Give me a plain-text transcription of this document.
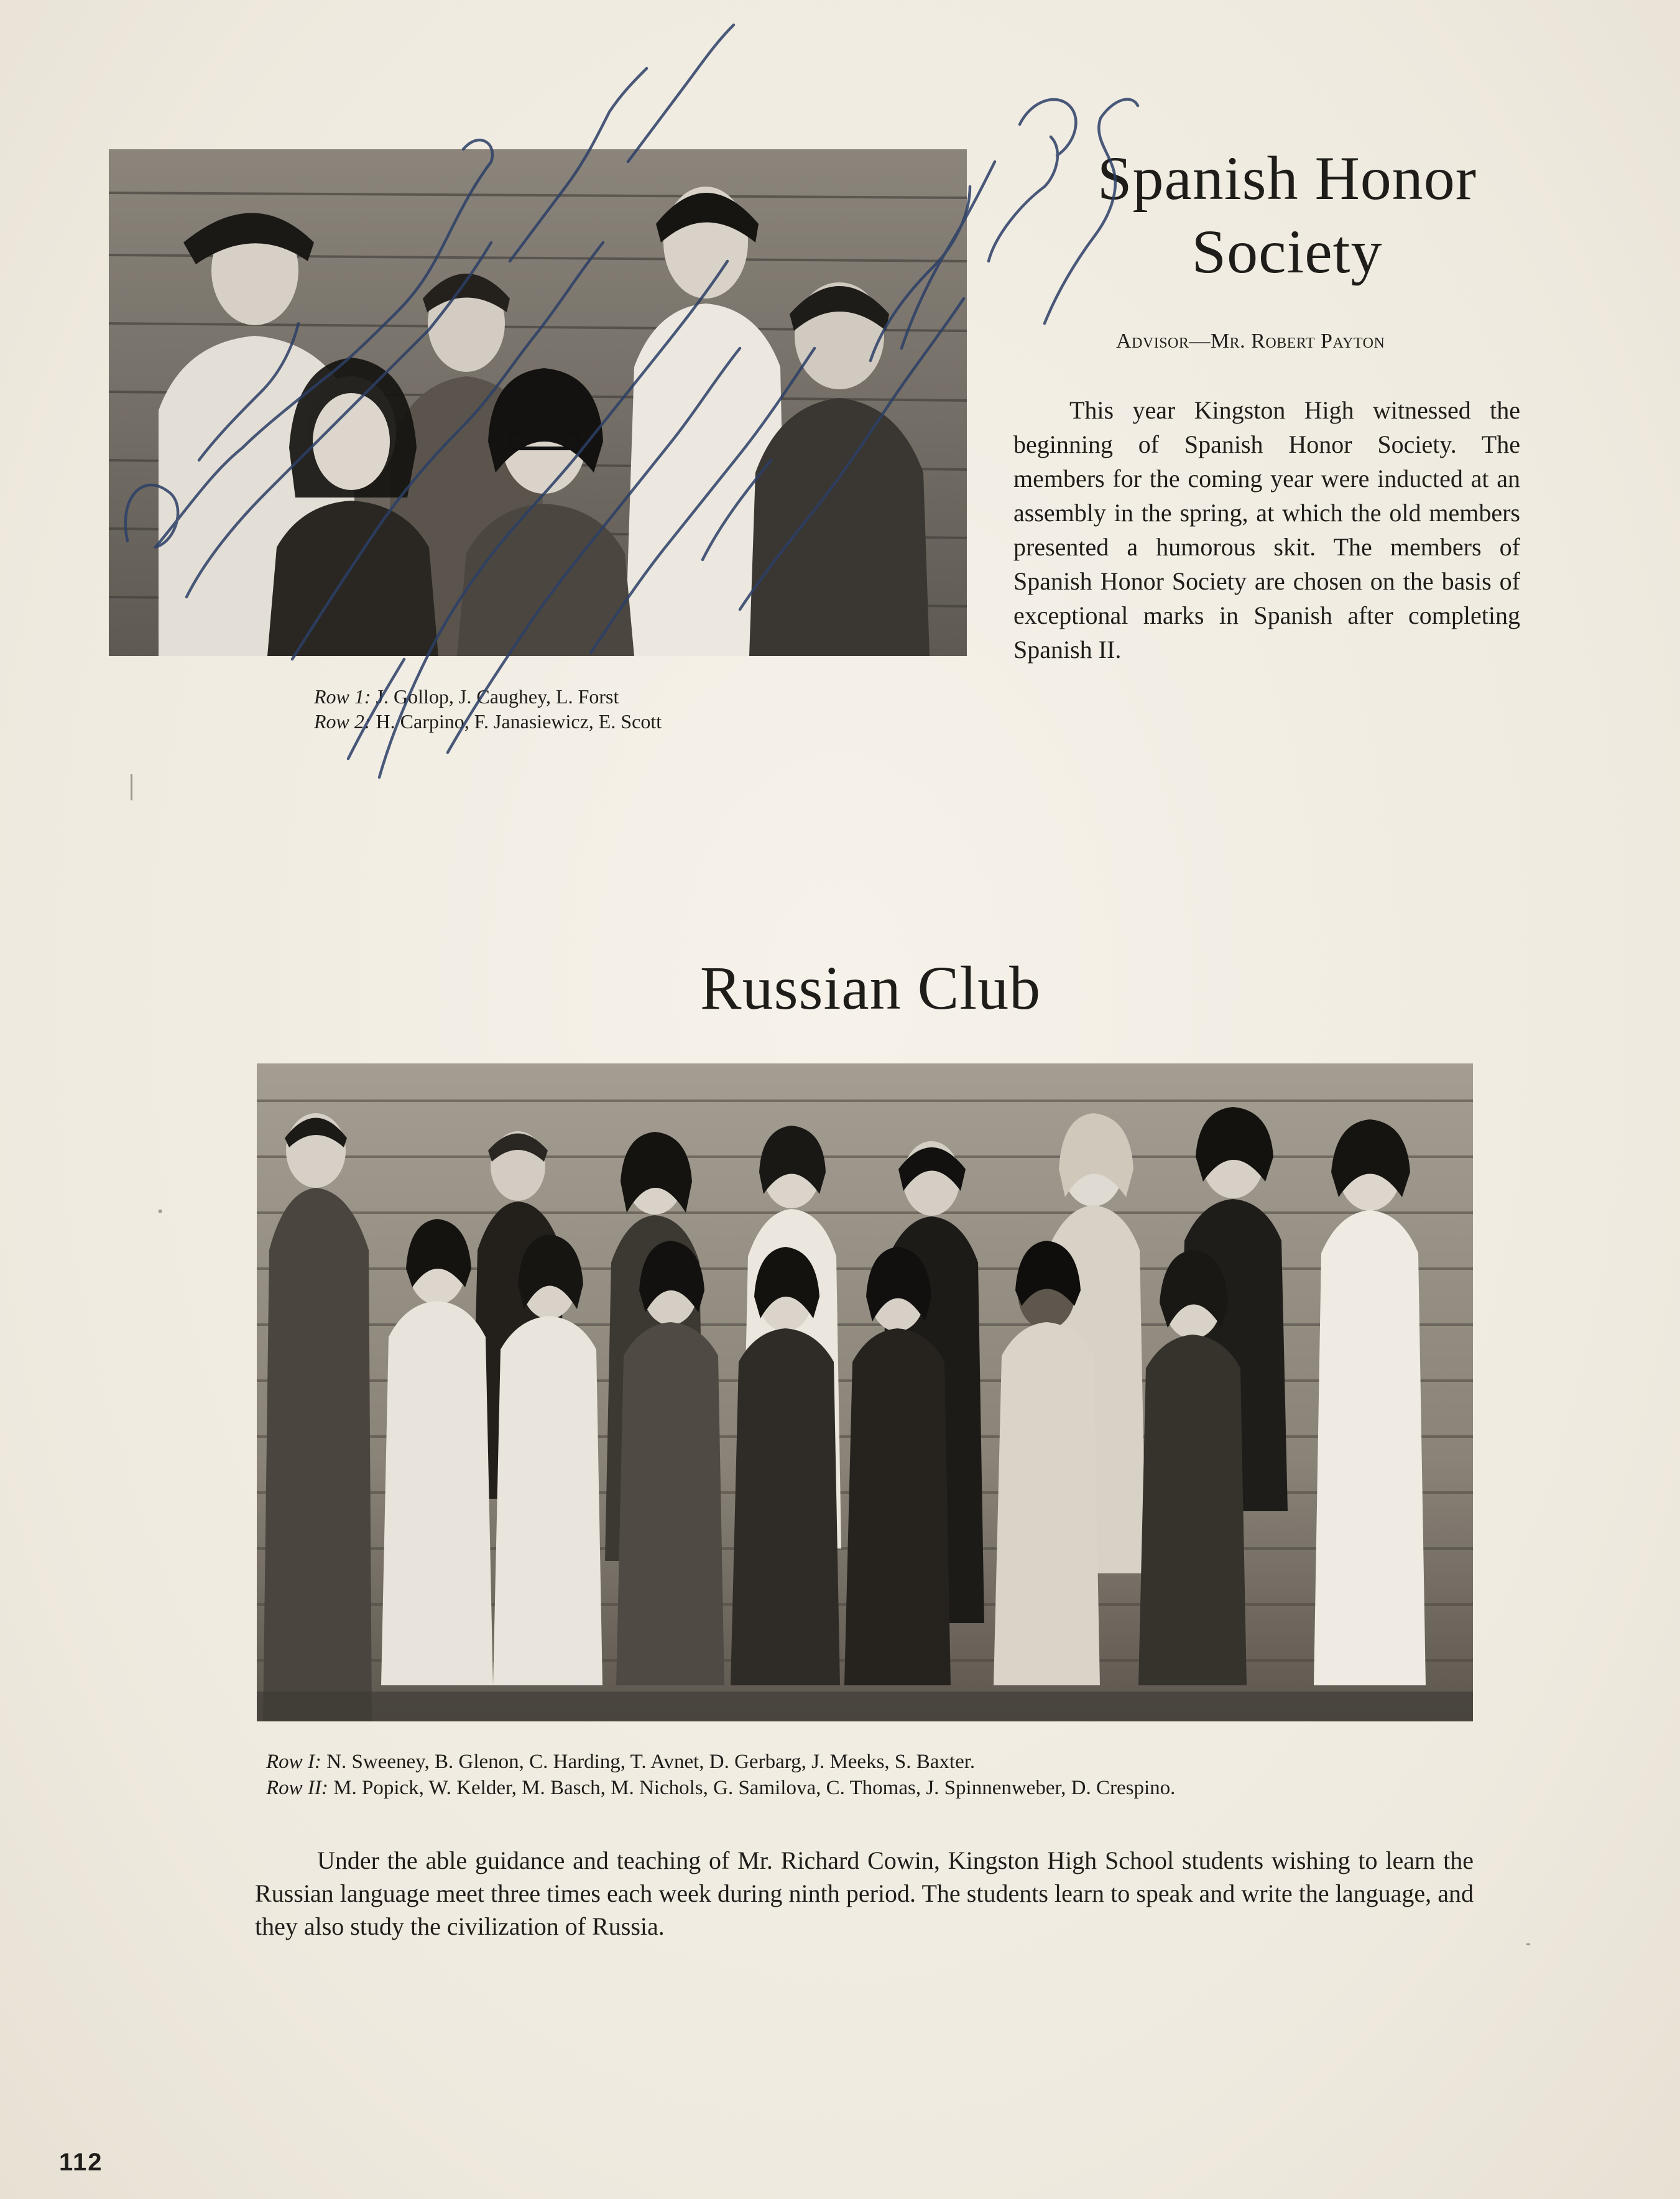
Spanish Honor
Society
Advisor—Mr. Robert Payton

This year Kingston High witnessed the beginning of Spanish Honor Society. The members for the coming year were inducted at an assembly in the spring, at which the old members presented a humorous skit. The members of Spanish Honor Society are chosen on the basis of exceptional marks in Spanish after completing Spanish II.

Row 1: J. Gollop, J. Caughey, L. Forst
Row 2: H. Carpino, F. Janasiewicz, E. Scott

Russian Club

Row I: N. Sweeney, B. Glenon, C. Harding, T. Avnet, D. Gerbarg, J. Meeks, S. Baxter.
Row II: M. Popick, W. Kelder, M. Basch, M. Nichols, G. Samilova, C. Thomas, J. Spinnenweber, D. Crespino.

Under the able guidance and teaching of Mr. Richard Cowin, Kingston High School students wishing to learn the Russian language meet three times each week during ninth period. The students learn to speak and write the language, and they also study the civilization of Russia.

112
